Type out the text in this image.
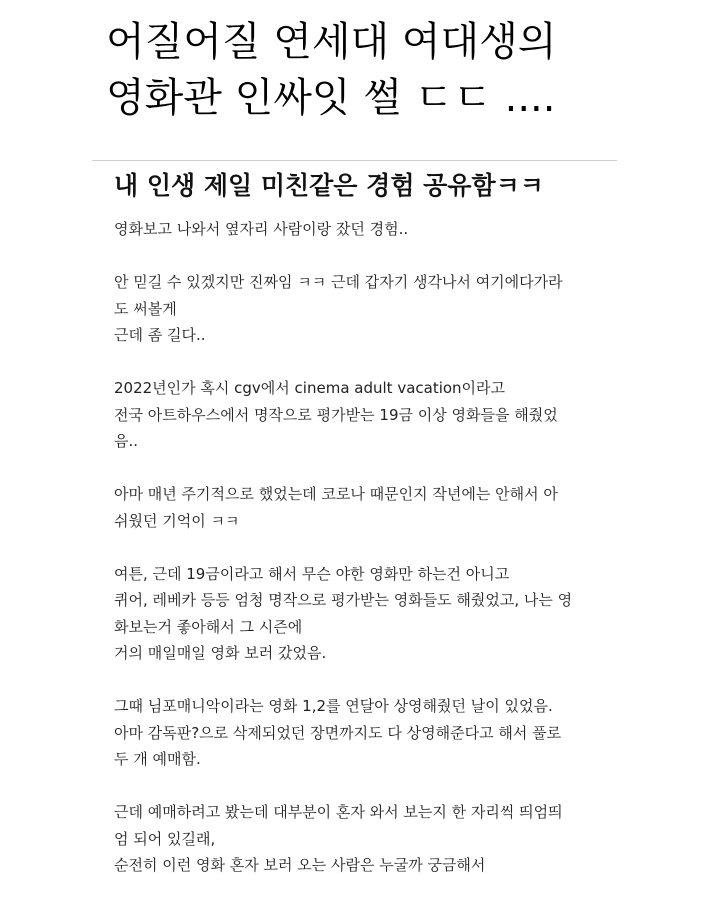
어질어질 연세대 여대생의
영화관 인싸잇 썰 ㄷㄷ ....
내 인생 제일 미친같은 경험 공유함ㅋㅋ

영화보고 나와서 옆자리 사람이랑 잤던 경험..

안 믿길 수 있겠지만 진짜임 ㅋㅋ 근데 갑자기 생각나서 여기에다가라
도 써볼게
근데 좀 길다..

2022년인가 혹시 cgv에서 cinema adult vacation이라고
전국 아트하우스에서 명작으로 평가받는 19금 이상 영화들을 해줬었
음..

아마 매년 주기적으로 했었는데 코로나 때문인지 작년에는 안해서 아
쉬웠던 기억이 ㅋㅋ

여튼, 근데 19금이라고 해서 무슨 야한 영화만 하는건 아니고
퀴어, 레베카 등등 엄청 명작으로 평가받는 영화들도 해줬었고, 나는 영
화보는거 좋아해서 그 시즌에
거의 매일매일 영화 보러 갔었음.

그때 님포매니악이라는 영화 1,2를 연달아 상영해줬던 날이 있었음.
아마 감독판?으로 삭제되었던 장면까지도 다 상영해준다고 해서 풀로
두 개 예매함.

근데 예매하려고 봤는데 대부분이 혼자 와서 보는지 한 자리씩 띄엄띄
엄 되어 있길래,
순전히 이런 영화 혼자 보러 오는 사람은 누굴까 궁금해서
